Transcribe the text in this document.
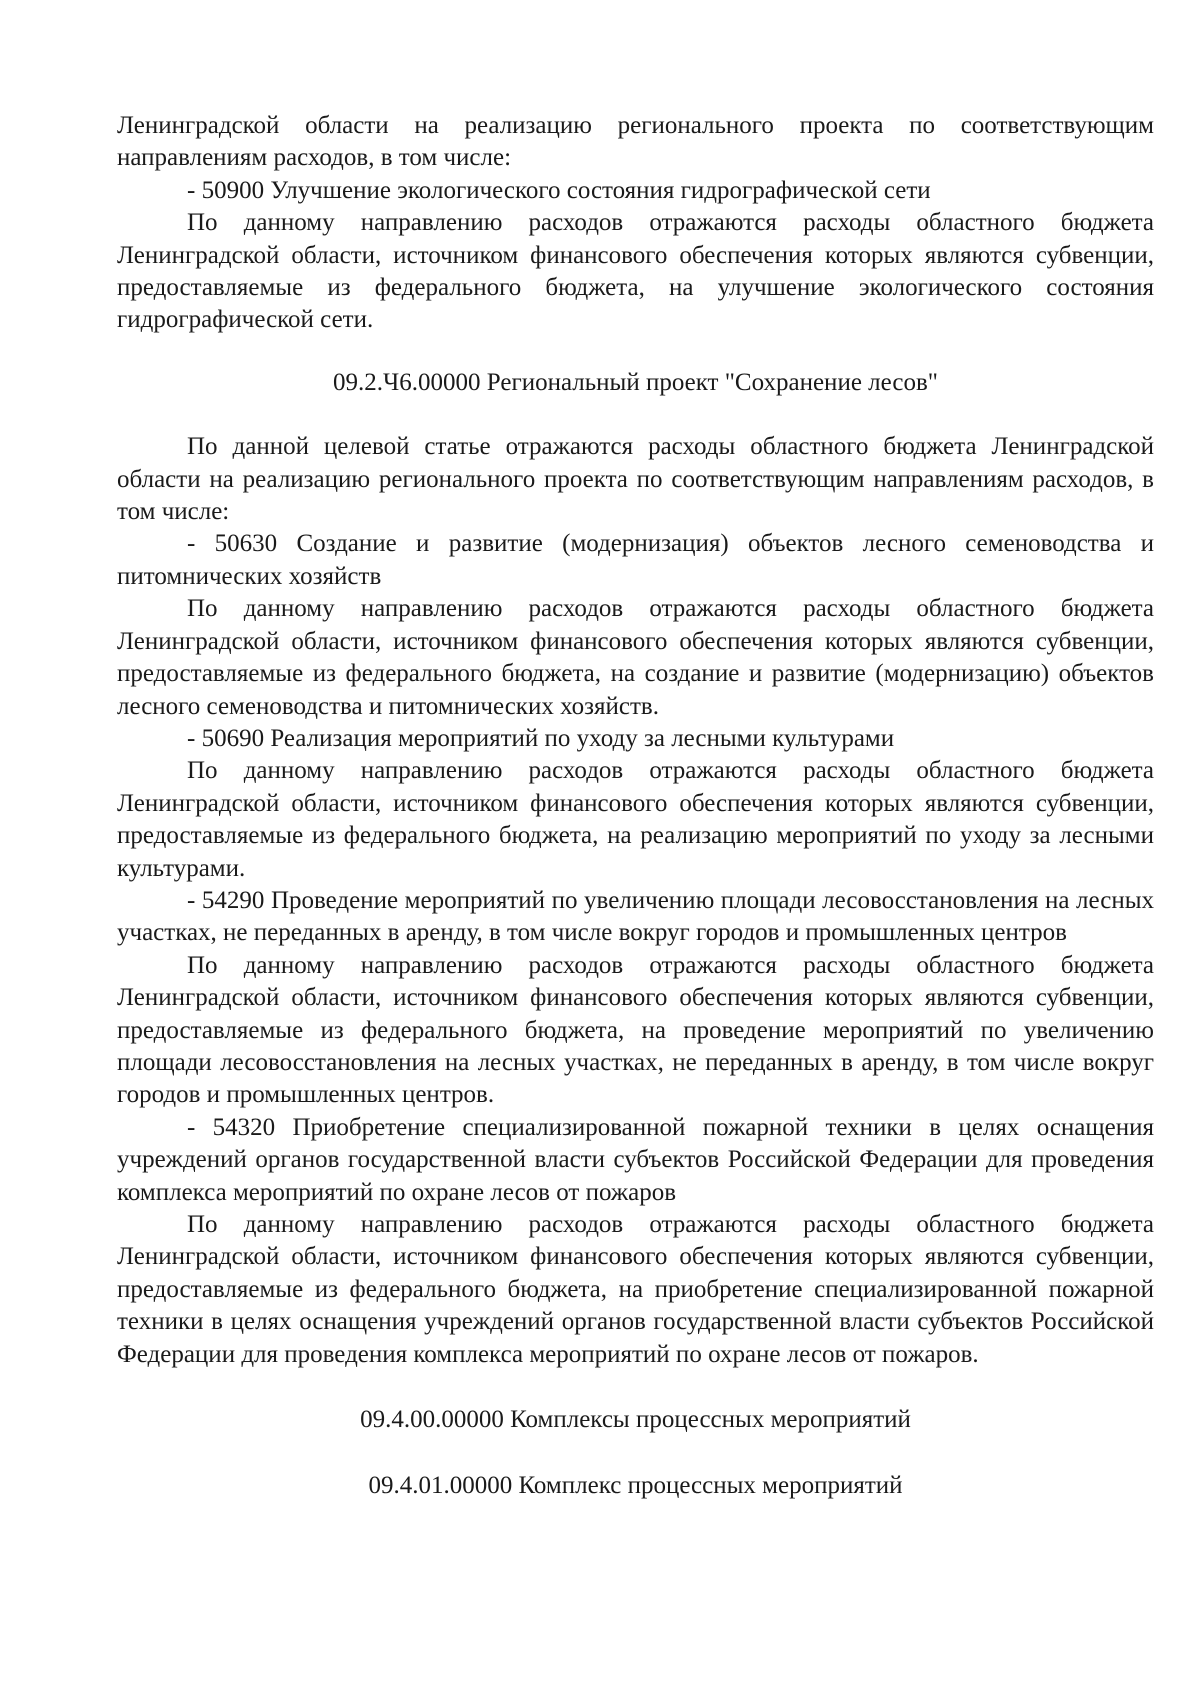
Ленинградской области на реализацию регионального проекта по соответствующим направлениям расходов, в том числе:

- 50900 Улучшение экологического состояния гидрографической сети

По данному направлению расходов отражаются расходы областного бюджета Ленинградской области, источником финансового обеспечения которых являются субвенции, предоставляемые из федерального бюджета, на улучшение экологического состояния гидрографической сети.

09.2.Ч6.00000 Региональный проект "Сохранение лесов"

По данной целевой статье отражаются расходы областного бюджета Ленинградской области на реализацию регионального проекта по соответствующим направлениям расходов, в том числе:

- 50630 Создание и развитие (модернизация) объектов лесного семеноводства и питомнических хозяйств

По данному направлению расходов отражаются расходы областного бюджета Ленинградской области, источником финансового обеспечения которых являются субвенции, предоставляемые из федерального бюджета, на создание и развитие (модернизацию) объектов лесного семеноводства и питомнических хозяйств.

- 50690 Реализация мероприятий по уходу за лесными культурами

По данному направлению расходов отражаются расходы областного бюджета Ленинградской области, источником финансового обеспечения которых являются субвенции, предоставляемые из федерального бюджета, на реализацию мероприятий по уходу за лесными культурами.

- 54290 Проведение мероприятий по увеличению площади лесовосстановления на лесных участках, не переданных в аренду, в том числе вокруг городов и промышленных центров

По данному направлению расходов отражаются расходы областного бюджета Ленинградской области, источником финансового обеспечения которых являются субвенции, предоставляемые из федерального бюджета, на проведение мероприятий по увеличению площади лесовосстановления на лесных участках, не переданных в аренду, в том числе вокруг городов и промышленных центров.

- 54320 Приобретение специализированной пожарной техники в целях оснащения учреждений органов государственной власти субъектов Российской Федерации для проведения комплекса мероприятий по охране лесов от пожаров

По данному направлению расходов отражаются расходы областного бюджета Ленинградской области, источником финансового обеспечения которых являются субвенции, предоставляемые из федерального бюджета, на приобретение специализированной пожарной техники в целях оснащения учреждений органов государственной власти субъектов Российской Федерации для проведения комплекса мероприятий по охране лесов от пожаров.

09.4.00.00000 Комплексы процессных мероприятий

09.4.01.00000 Комплекс процессных мероприятий
